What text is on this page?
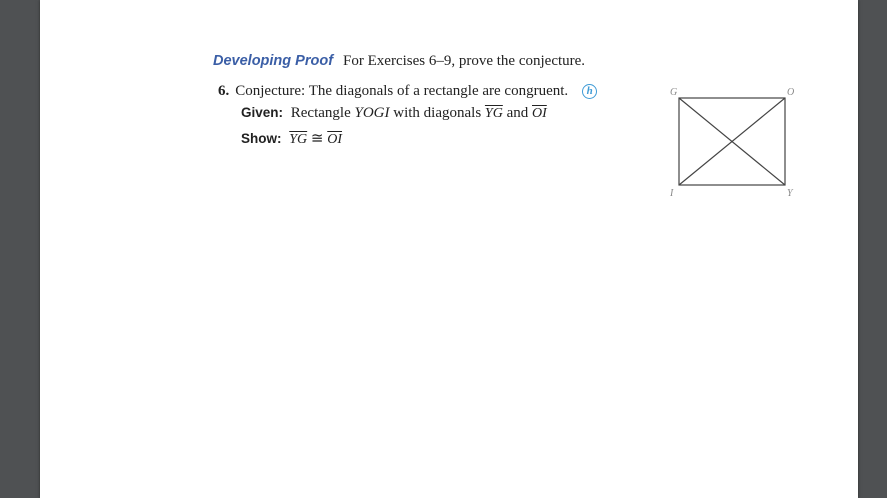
Developing Proof For Exercises 6–9, prove the conjecture.
6. Conjecture: The diagonals of a rectangle are congruent. h
Given: Rectangle YOGI with diagonals $\overline{YG}$ and $\overline{OI}$
Show: $\overline{YG}$ ≅ $\overline{OI}$
G	O
I	Y
